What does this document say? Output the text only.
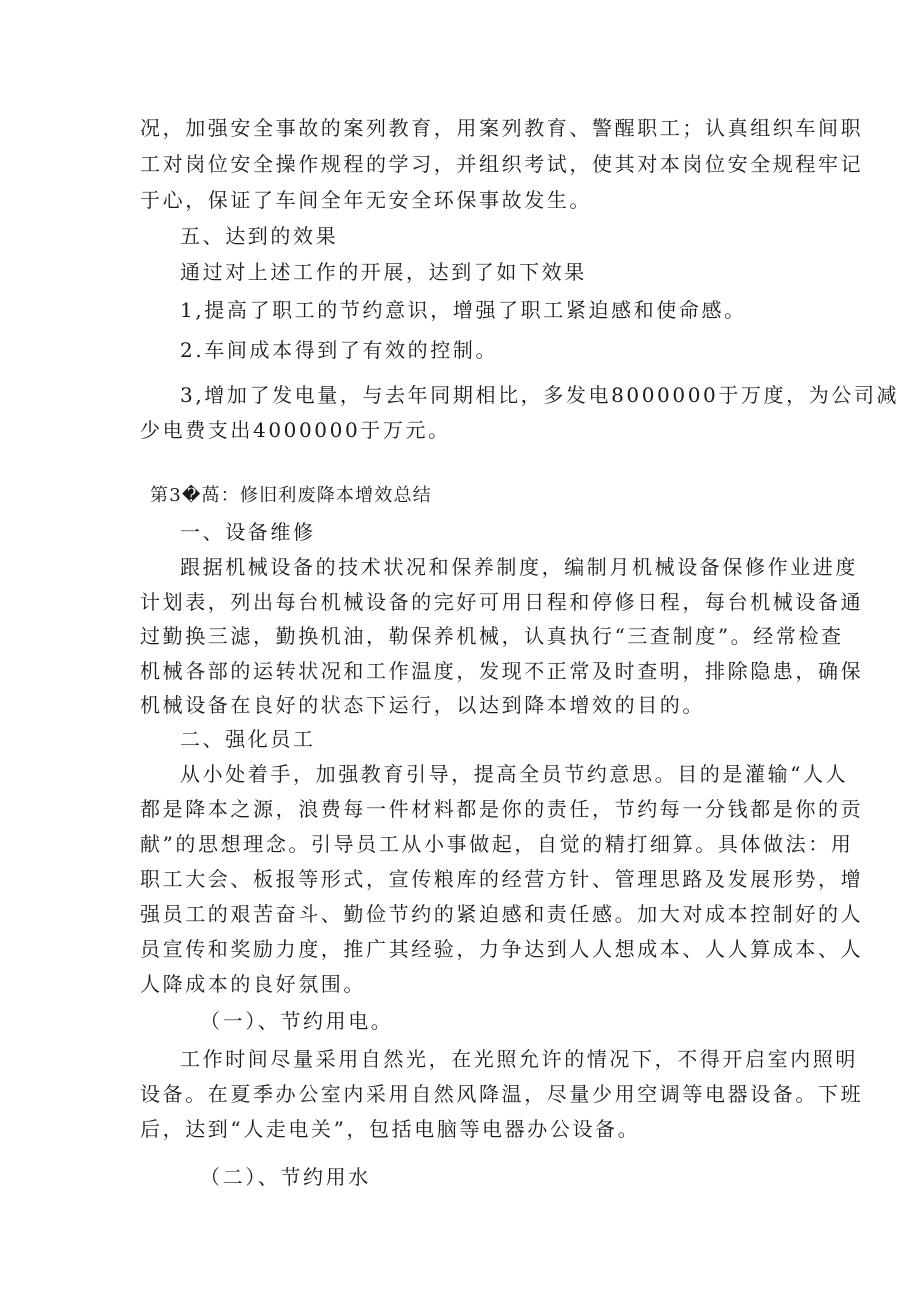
况，加强安全事故的案列教育，用案列教育、警醒职工；认真组织车间职
工对岗位安全操作规程的学习，并组织考试，使其对本岗位安全规程牢记
于心，保证了车间全年无安全环保事故发生。
五、达到的效果
通过对上述工作的开展，达到了如下效果
1,提高了职工的节约意识，增强了职工紧迫感和使命感。
2.车间成本得到了有效的控制。
3,增加了发电量，与去年同期相比，多发电8000000于万度，为公司减
少电费支出4000000于万元。
第3�萵：修旧利废降本增效总结
一、设备维修
跟据机械设备的技术状况和保养制度，编制月机械设备保修作业进度
计划表，列出每台机械设备的完好可用日程和停修日程，每台机械设备通
过勤换三滤，勤换机油，勒保养机械，认真执行“三查制度”。经常检查
机械各部的运转状况和工作温度，发现不正常及时查明，排除隐患，确保
机械设备在良好的状态下运行，以达到降本增效的目的。
二、强化员工
从小处着手，加强教育引导，提高全员节约意思。目的是灌输“人人
都是降本之源，浪费每一件材料都是你的责任，节约每一分钱都是你的贡
献”的思想理念。引导员工从小事做起，自觉的精打细算。具体做法：用
职工大会、板报等形式，宣传粮库的经营方针、管理思路及发展形势，增
强员工的艰苦奋斗、勤俭节约的紧迫感和责任感。加大对成本控制好的人
员宣传和奖励力度，推广其经验，力争达到人人想成本、人人算成本、人
人降成本的良好氛围。
（一）、节约用电。
工作时间尽量采用自然光，在光照允许的情况下，不得开启室内照明
设备。在夏季办公室内采用自然风降温，尽量少用空调等电器设备。下班
后，达到“人走电关”，包括电脑等电器办公设备。
（二）、节约用水
